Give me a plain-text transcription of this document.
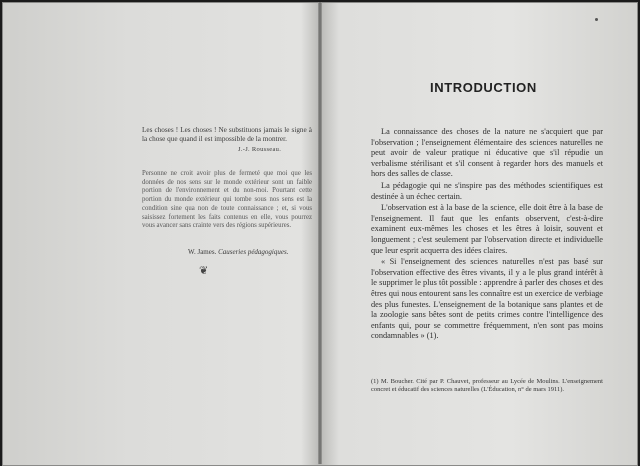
Les choses ! Les choses ! Ne substituons jamais le signe à la chose que quand il est impossible de la montrer.
J.-J. Rousseau.
Personne ne croit avoir plus de fermeté que moi que les données de nos sens sur le monde extérieur sont un faible portion de l'environnement et du non-moi. Pourtant cette portion du monde extérieur qui tombe sous nos sens est la condition sine qua non de toute connaissance ; et, si vous saisissez fortement les faits contenus en elle, vous pourrez vous avancer sans crainte vers des régions supérieures.
W. James. Causeries pédagogiques.
❦
INTRODUCTION

La connaissance des choses de la nature ne s'acquiert que par l'observation ; l'enseignement élémentaire des sciences naturelles ne peut avoir de valeur pratique ni éducative que s'il répudie un verbalisme stérilisant et s'il consent à regarder hors des manuels et hors des salles de classe.

La pédagogie qui ne s'inspire pas des méthodes scientifiques est destinée à un échec certain.

L'observation est à la base de la science, elle doit être à la base de l'enseignement. Il faut que les enfants observent, c'est-à-dire examinent eux-mêmes les choses et les êtres à loisir, souvent et longuement ; c'est seulement par l'observation directe et individuelle que leur esprit acquerra des idées claires.

« Si l'enseignement des sciences naturelles n'est pas basé sur l'observation effective des êtres vivants, il y a le plus grand intérêt à le supprimer le plus tôt possible : apprendre à parler des choses et des êtres qui nous entourent sans les connaître est un exercice de verbiage des plus funestes. L'enseignement de la botanique sans plantes et de la zoologie sans bêtes sont de petits crimes contre l'intelligence des enfants qui, pour se commettre fréquemment, n'en sont pas moins condamnables » (1).

(1) M. Boucher. Cité par P. Chauvet, professeur au Lycée de Moulins. L'enseignement concret et éducatif des sciences naturelles (L'Éducation, n° de mars 1911).
